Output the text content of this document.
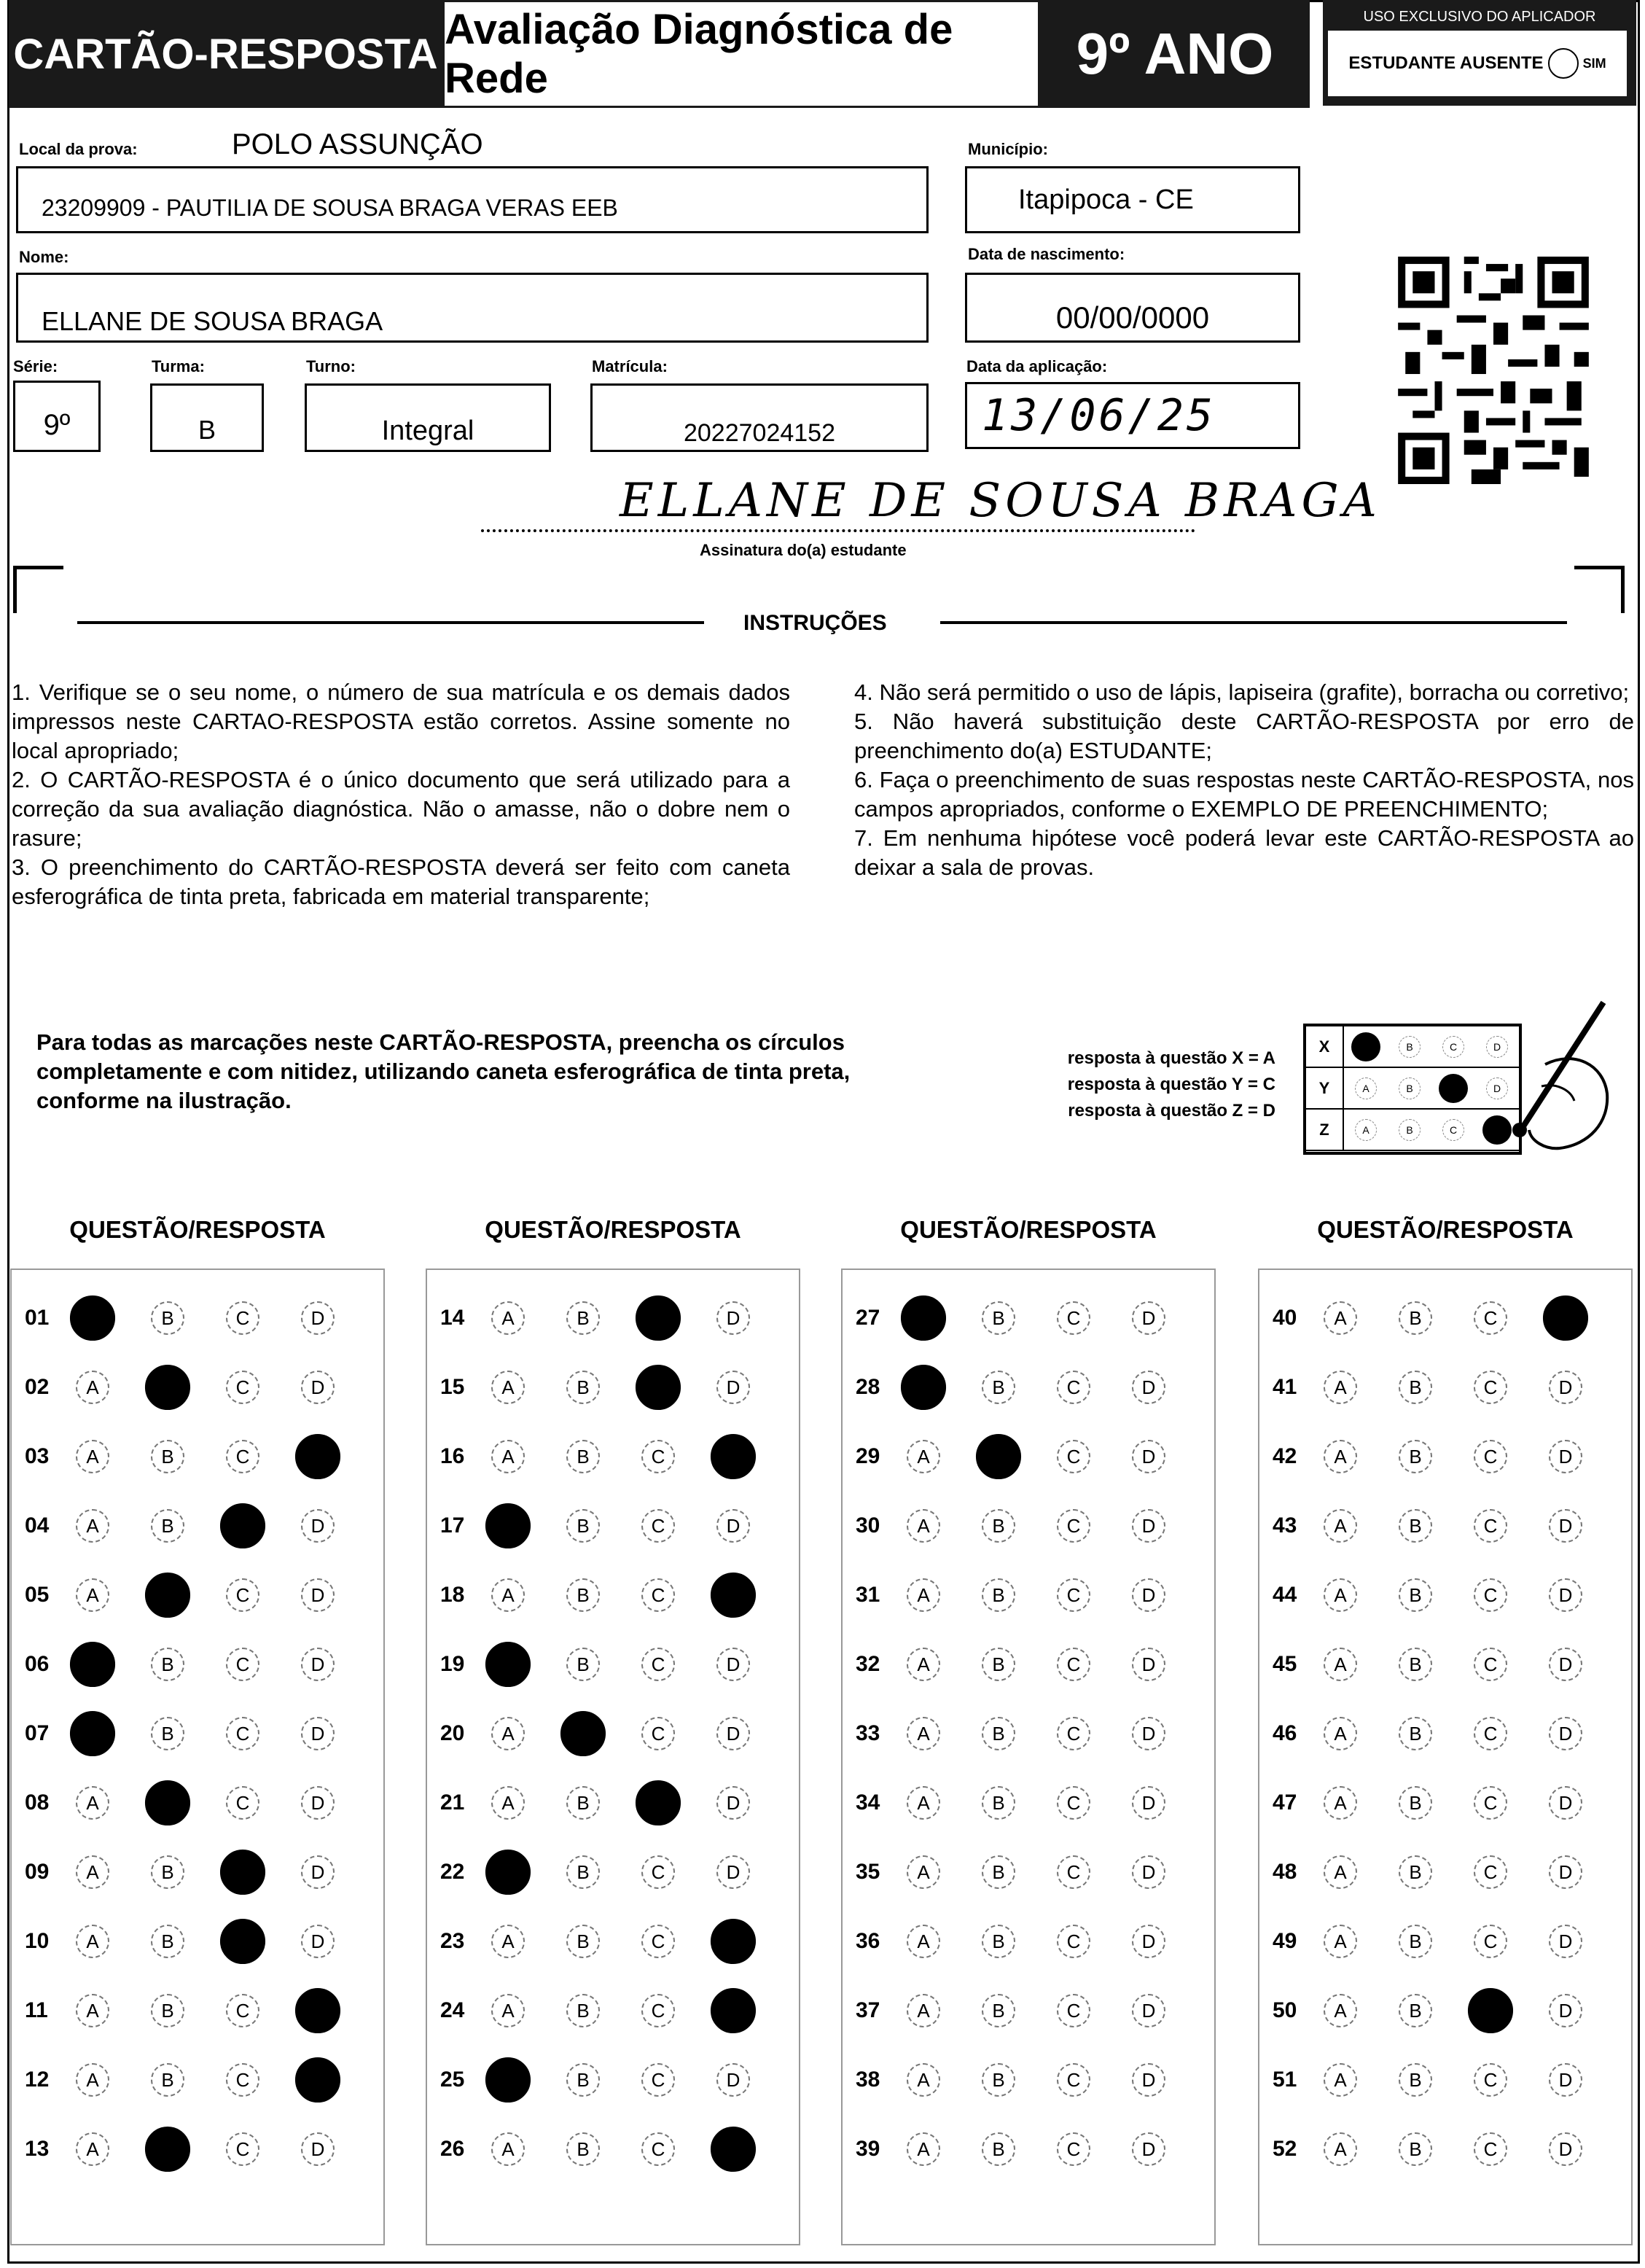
CARTÃO-RESPOSTA
Avaliação Diagnóstica de Rede	9º ANO
USO EXCLUSIVO DO APLICADOR
ESTUDANTE AUSENTE	SIM
Local da prova:	POLO ASSUNÇÃO
23209909 - PAUTILIA DE SOUSA BRAGA VERAS EEB
Município:
Itapipoca - CE
Nome:
ELLANE DE SOUSA BRAGA
Data de nascimento:
00/00/0000
Série:
9º
Turma:
B
Turno:
Integral
Matrícula:
20227024152
Data da aplicação:
13/06/25
ELLANE DE SOUSA BRAGA
Assinatura do(a) estudante
INSTRUÇÕES

1. Verifique se o seu nome, o número de sua matrícula e os demais dados impressos neste CARTAO-RESPOSTA estão corretos. Assine somente no local apropriado;

2. O CARTÃO-RESPOSTA é o único documento que será utilizado para a correção da sua avaliação diagnóstica. Não o amasse, não o dobre nem o rasure;

3. O preenchimento do CARTÃO-RESPOSTA deverá ser feito com caneta esferográfica de tinta preta, fabricada em material transparente;

4. Não será permitido o uso de lápis, lapiseira (grafite), borracha ou corretivo;

5. Não haverá substituição deste CARTÃO-RESPOSTA por erro de preenchimento do(a) ESTUDANTE;

6. Faça o preenchimento de suas respostas neste CARTÃO-RESPOSTA, nos campos apropriados, conforme o EXEMPLO DE PREENCHIMENTO;

7. Em nenhuma hipótese você poderá levar este CARTÃO-RESPOSTA ao deixar a sala de provas.

Para todas as marcações neste CARTÃO-RESPOSTA, preencha os círculos completamente e com nitidez, utilizando caneta esferográfica de tinta preta, conforme na ilustração.
resposta à questão X = A
resposta à questão Y = C
resposta à questão Z = D
X	A	B	C	D
Y	A	B	C	D
Z	A	B	C	D
QUESTÃO/RESPOSTA
01	A	B	C	D
02	A	B	C	D
03	A	B	C	D
04	A	B	C	D
05	A	B	C	D
06	A	B	C	D
07	A	B	C	D
08	A	B	C	D
09	A	B	C	D
10	A	B	C	D
11	A	B	C	D
12	A	B	C	D
13	A	B	C	D
QUESTÃO/RESPOSTA
14	A	B	C	D
15	A	B	C	D
16	A	B	C	D
17	A	B	C	D
18	A	B	C	D
19	A	B	C	D
20	A	B	C	D
21	A	B	C	D
22	A	B	C	D
23	A	B	C	D
24	A	B	C	D
25	A	B	C	D
26	A	B	C	D
QUESTÃO/RESPOSTA
27	A	B	C	D
28	A	B	C	D
29	A	B	C	D
30	A	B	C	D
31	A	B	C	D
32	A	B	C	D
33	A	B	C	D
34	A	B	C	D
35	A	B	C	D
36	A	B	C	D
37	A	B	C	D
38	A	B	C	D
39	A	B	C	D
QUESTÃO/RESPOSTA
40	A	B	C	D
41	A	B	C	D
42	A	B	C	D
43	A	B	C	D
44	A	B	C	D
45	A	B	C	D
46	A	B	C	D
47	A	B	C	D
48	A	B	C	D
49	A	B	C	D
50	A	B	C	D
51	A	B	C	D
52	A	B	C	D
